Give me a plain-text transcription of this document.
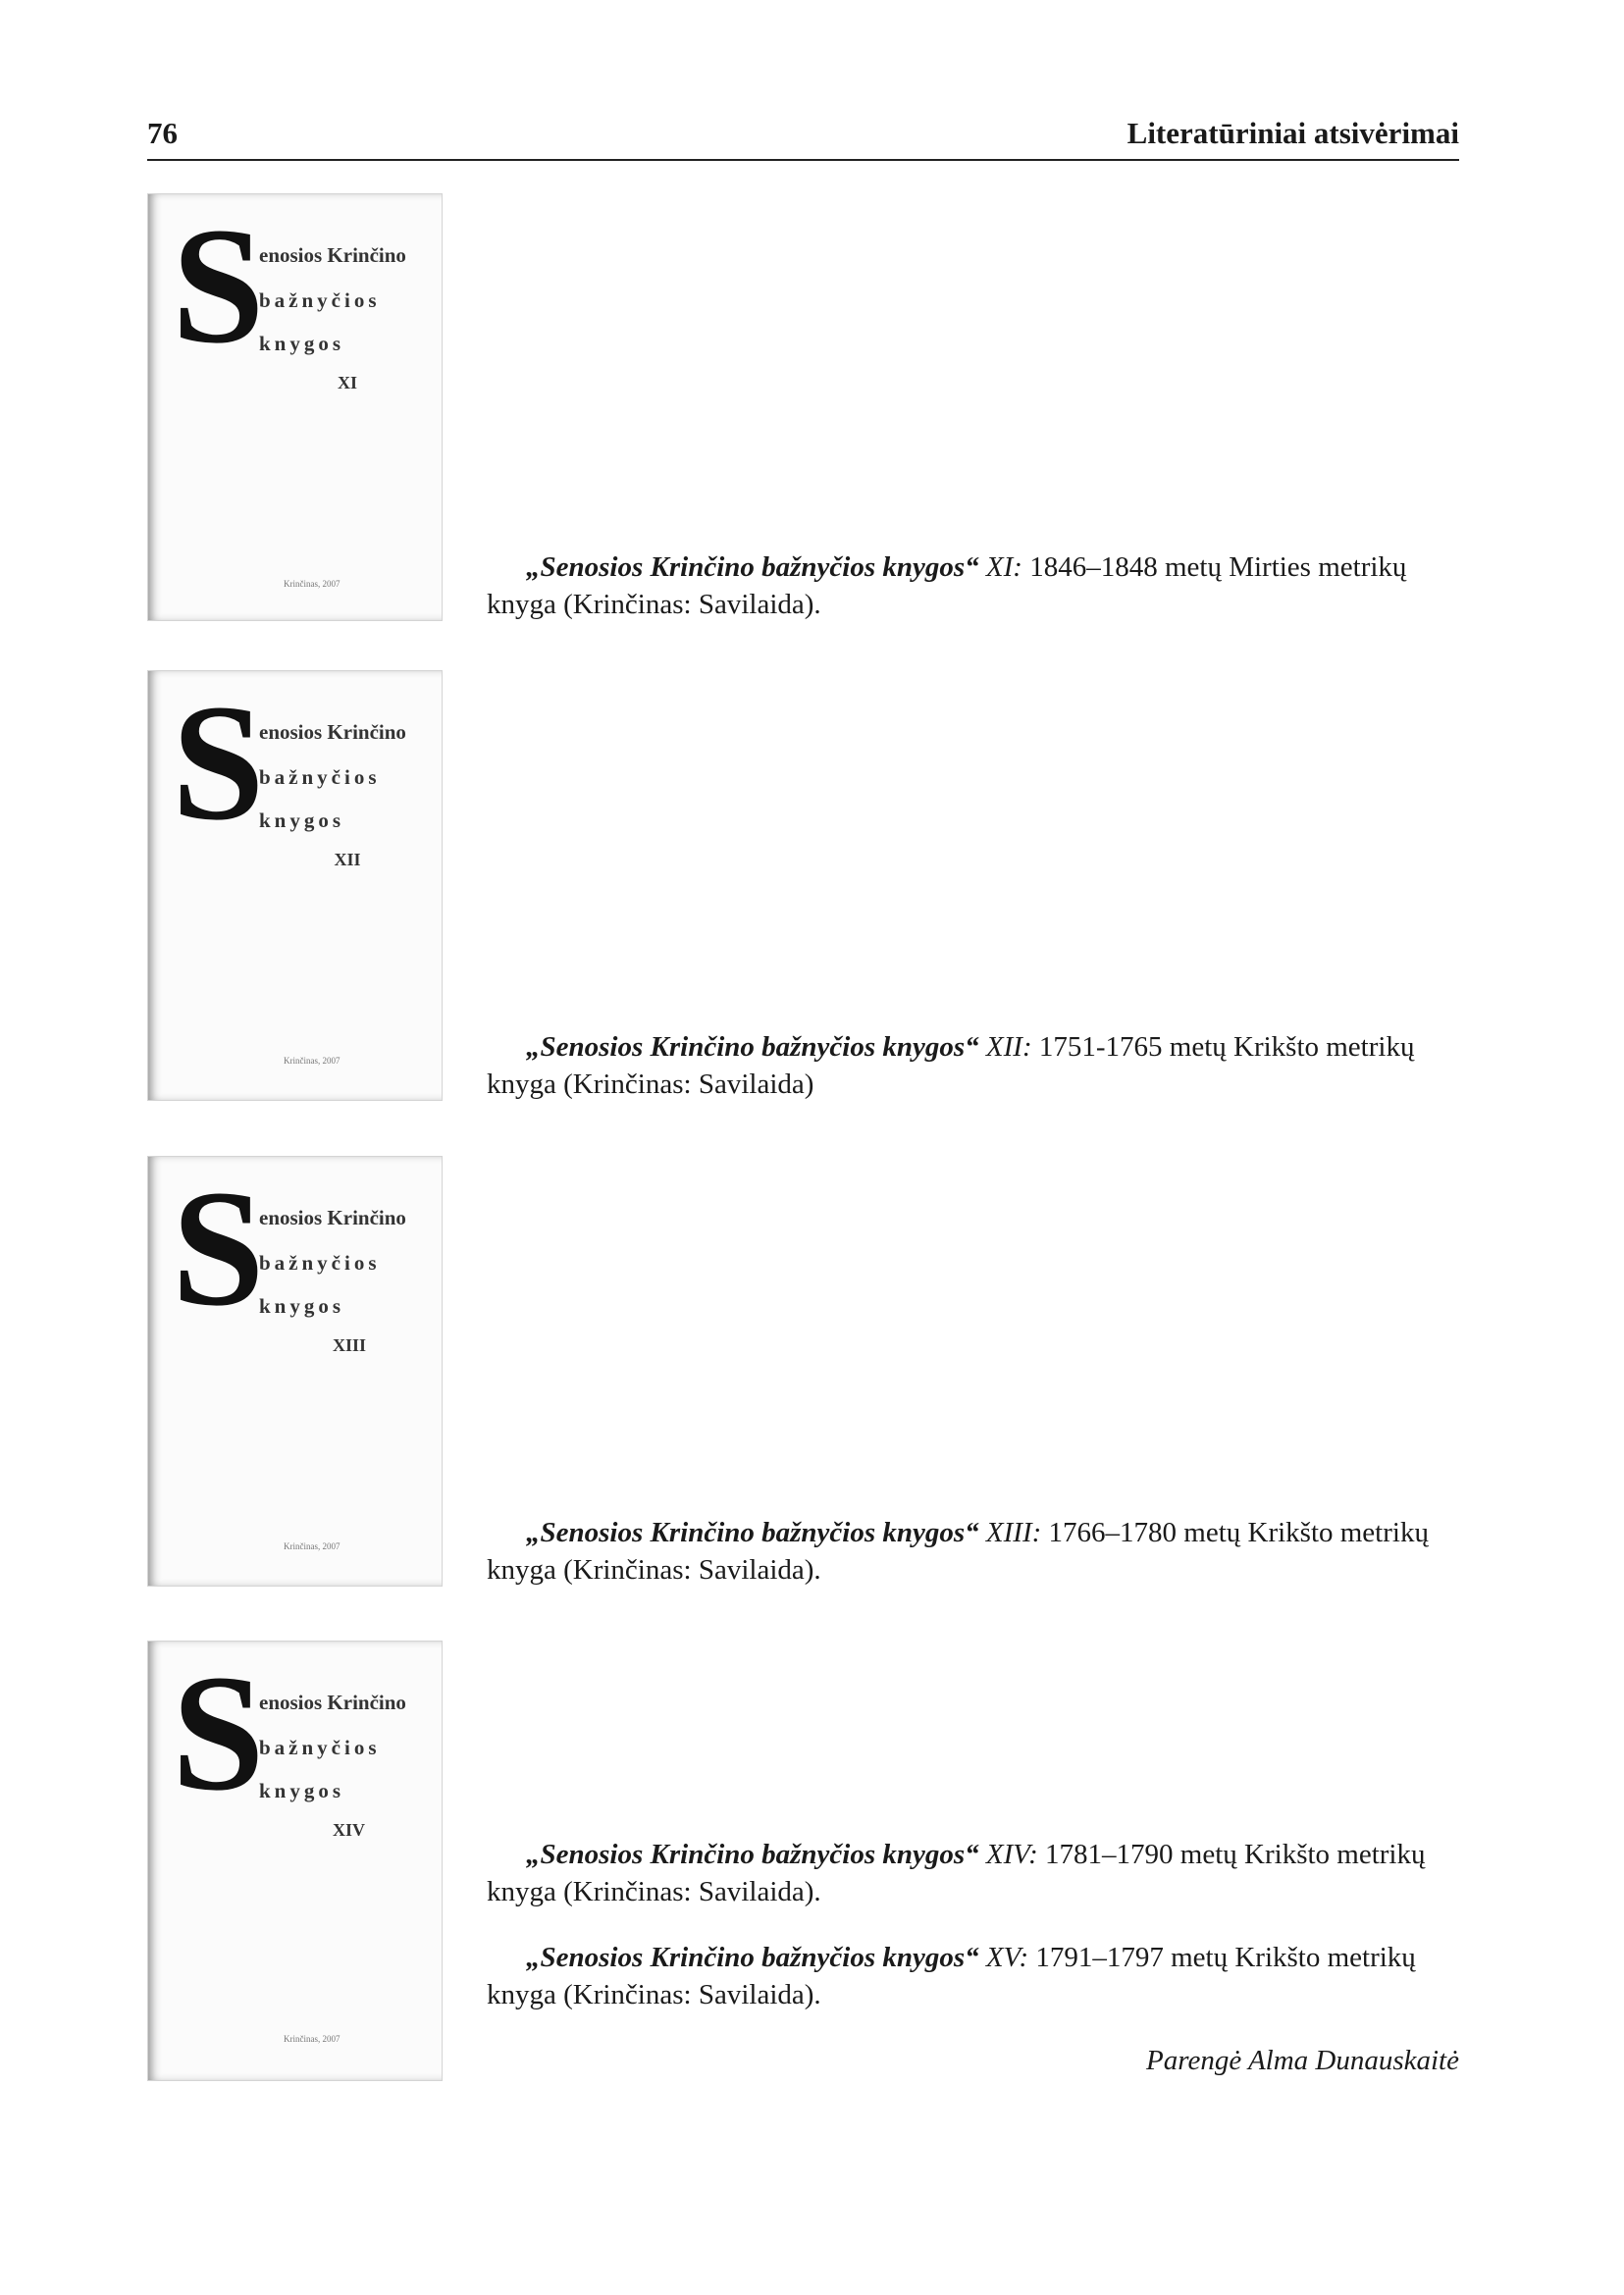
76	Literatūriniai atsivėrimai
S
enosios Krinčino
bažnyčios
knygos
XI
Krinčinas, 2007
S
enosios Krinčino
bažnyčios
knygos
XII
Krinčinas, 2007
S
enosios Krinčino
bažnyčios
knygos
XIII
Krinčinas, 2007
S
enosios Krinčino
bažnyčios
knygos
XIV
Krinčinas, 2007
„Senosios Krinčino bažnyčios knygos“ XI: 1846–1848 metų Mirties metrikų
knyga (Krinčinas: Savilaida).
„Senosios Krinčino bažnyčios knygos“ XII: 1751-1765 metų Krikšto metrikų
knyga (Krinčinas: Savilaida)
„Senosios Krinčino bažnyčios knygos“ XIII: 1766–1780 metų Krikšto metrikų
knyga (Krinčinas: Savilaida).
„Senosios Krinčino bažnyčios knygos“ XIV: 1781–1790 metų Krikšto metrikų
knyga (Krinčinas: Savilaida).
„Senosios Krinčino bažnyčios knygos“ XV: 1791–1797 metų Krikšto metrikų
knyga (Krinčinas: Savilaida).
Parengė Alma Dunauskaitė
